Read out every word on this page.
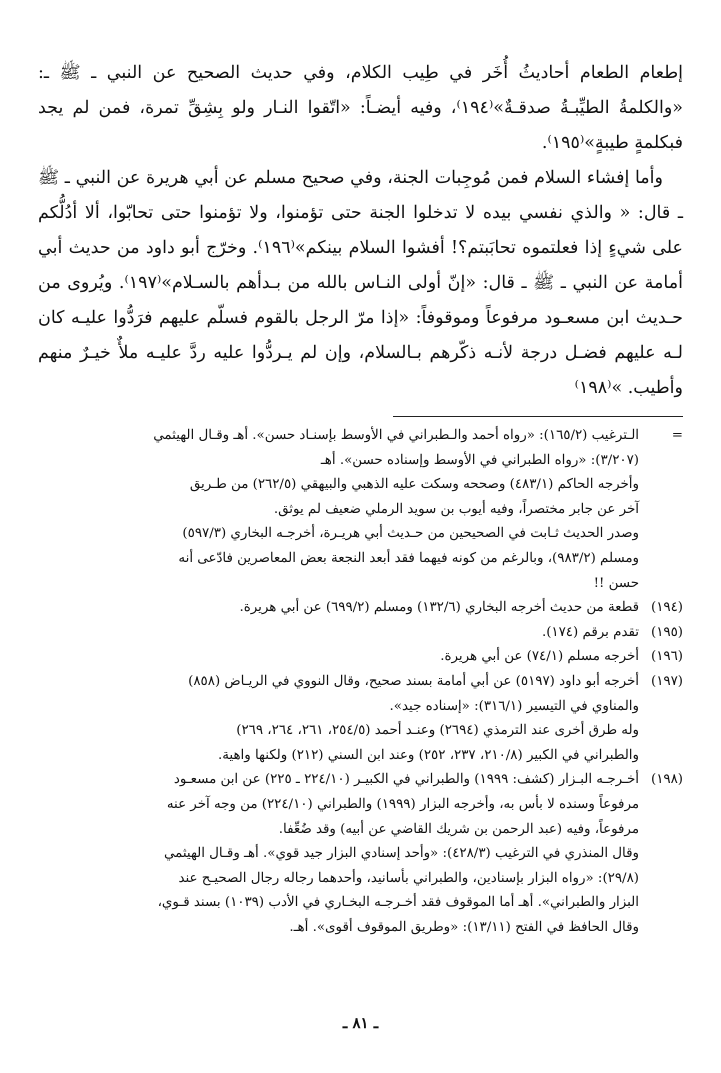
إطعام الطعام أحاديثُ أُخَر في طِيب الكلام، وفي حديث الصحيح عن النبي ـ ﷺ ـ: «والكلمةُ الطيِّبـةُ صدقـةٌ»⁽١٩٤⁾، وفيه أيضـاً: «اتّقوا النـار ولو بِشِقِّ تمرة، فمن لم يجد فبكلمةٍ طيبةٍ»⁽١٩٥⁾.

وأما إفشاء السلام فمن مُوجِبات الجنة، وفي صحيح مسلم عن أبي هريرة عن النبي ـ ﷺ ـ قال: « والذي نفسي بيده لا تدخلوا الجنة حتى تؤمنوا، ولا تؤمنوا حتى تحابّوا، ألا أدُلُّكم على شيءٍ إذا فعلتموه تحابَبتم؟! أفشوا السلام بينكم»⁽١٩٦⁾. وخرّج أبو داود من حديث أبي أمامة عن النبي ـ ﷺ ـ قال: «إنّ أولى النـاس بالله من بـدأهم بالسـلام»⁽١٩٧⁾. ويُروى من حـديث ابن مسعـود مرفوعاً وموقوفاً: «إذا مرّ الرجل بالقوم فسلّم عليهم فرَدُّوا عليـه كان لـه عليهم فضـل درجة لأنـه ذكّرهم بـالسلام، وإن لم يـردُّوا عليه ردَّ عليـه ملأٌ خيـرٌ منهم وأطيب. »⁽١٩٨⁾

=
الـترغيب (١٦٥/٢): «رواه أحمد والـطبراني في الأوسط بإسنـاد حسن». أهـ وقـال الهيثمي
(٣/٢٠٧): «رواه الطبراني في الأوسط وإسناده حسن». أهـ
وأخرجه الحاكم (٤٨٣/١) وصححه وسكت عليه الذهبي والبيهقي (٢٦٢/٥) من طـريق
آخر عن جابر مختصراً، وفيه أيوب بن سويد الرملي ضعيف لم يوثق.
وصدر الحديث ثـابت في الصحيحين من حـديث أبي هريـرة، أخرجـه البخاري (٥٩٧/٣)
ومسلم (٩٨٣/٢)، وبالرغم من كونه فيهما فقد أبعد النجعة بعض المعاصرين فادّعى أنه
حسن !!
(١٩٤)
قطعة من حديث أخرجه البخاري (١٣٢/٦) ومسلم (٦٩٩/٢) عن أبي هريرة.
(١٩٥)
تقدم برقم (١٧٤).
(١٩٦)
أخرجه مسلم (٧٤/١) عن أبي هريرة.
(١٩٧)
أخرجه أبو داود (٥١٩٧) عن أبي أمامة بسند صحيح، وقال النووي في الريـاض (٨٥٨)
والمناوي في التيسير (٣١٦/١): «إسناده جيد».
وله طرق أخرى عند الترمذي (٢٦٩٤) وعنـد أحمد (٢٥٤/٥، ٢٦١، ٢٦٤، ٢٦٩)
والطبراني في الكبير (٢١٠/٨، ٢٣٧، ٢٥٢) وعند ابن السني (٢١٢) ولكنها واهية.
(١٩٨)
أخـرجـه البـزار (كشف: ١٩٩٩) والطبراني في الكبيـر (٢٢٤/١٠ ـ ٢٢٥) عن ابن مسعـود
مرفوعاً وسنده لا بأس به، وأخرجه البزار (١٩٩٩) والطبراني (٢٢٤/١٠) من وجه آخر عنه
مرفوعاً، وفيه (عبد الرحمن بن شريك القاضي عن أبيه) وقد ضُعِّفا.
وقال المنذري في الترغيب (٤٢٨/٣): «وأحد إسنادي البزار جيد قوي». أهـ وقـال الهيثمي
(٢٩/٨): «رواه البزار بإسنادين، والطبراني بأسانيد، وأحدهما رجاله رجال الصحيـح عند
البزار والطبراني». أهـ أما الموقوف فقد أخـرجـه البخـاري في الأدب (١٠٣٩) بسند قـوي،
وقال الحافظ في الفتح (١٣/١١): «وطريق الموقوف أقوى». أهـ.
ـ ٨١ ـ
